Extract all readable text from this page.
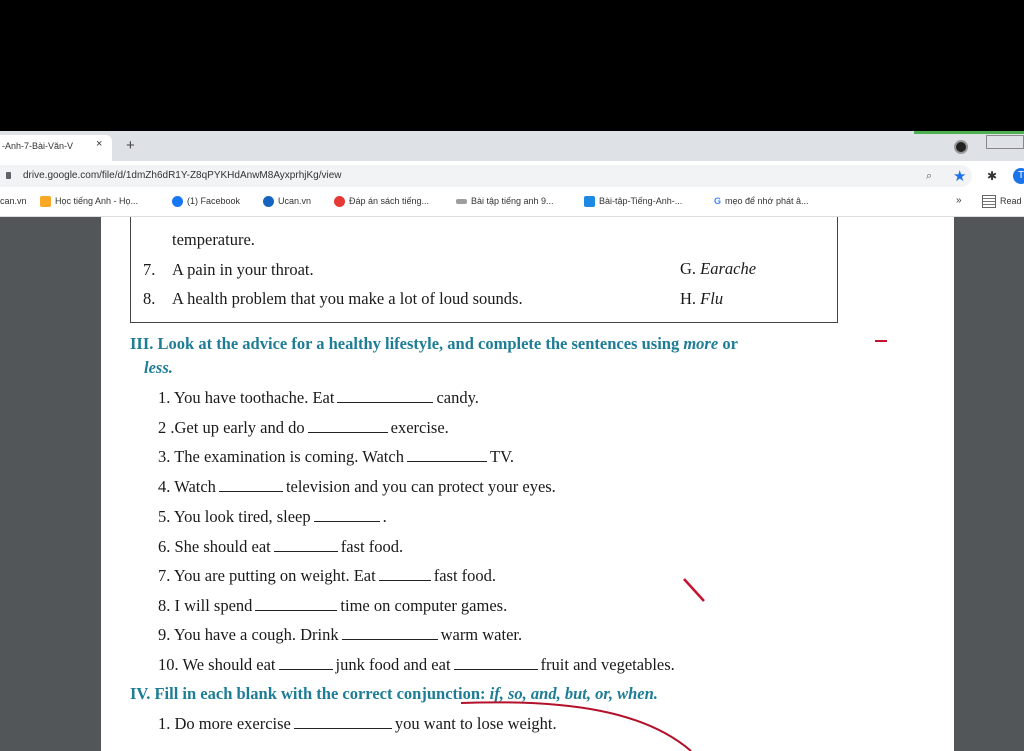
-Anh-7-Bài-Văn-V × +
drive.google.com/file/d/1dmZh6dR1Y-Z8qPYKHdAnwM8AyxprhjKg/view	⌕ ★ ✱	T
can.vn	Học tiếng Anh - Họ...	(1) Facebook	Ucan.vn	Đáp án sách tiếng...	Bài tập tiếng anh 9...	Bài-tập-Tiếng-Anh-...	G mẹo để nhớ phát â...	»	Read
temperature.
7. A pain in your throat.	G. Earache
8. A health problem that you make a lot of loud sounds.	H. Flu
III. Look at the advice for a healthy lifestyle, and complete the sentences using more or
less.
1. You have toothache. Eat	candy.
2 .Get up early and do	exercise.
3. The examination is coming. Watch	TV.
4. Watch	television and you can protect your eyes.
5. You look tired, sleep	.
6. She should eat	fast food.
7. You are putting on weight. Eat	fast food.
8. I will spend	time on computer games.
9. You have a cough. Drink	warm water.
10. We should eat	junk food and eat	fruit and vegetables.
IV. Fill in each blank with the correct conjunction: if, so, and, but, or, when.
1. Do more exercise	you want to lose weight.
